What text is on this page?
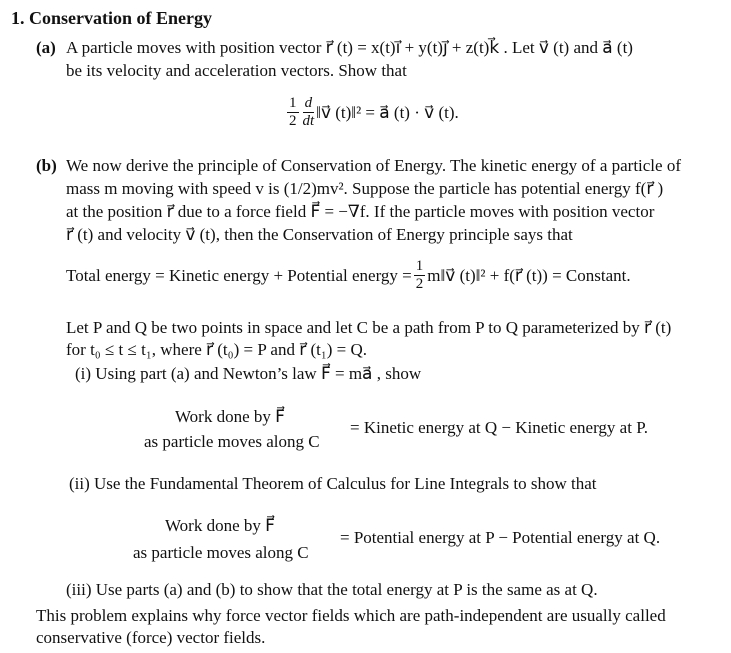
1. Conservation of Energy
(a) A particle moves with position vector r⃗ (t) = x(t)i⃗ + y(t)j⃗ + z(t)k⃗ . Let v⃗ (t) and a⃗ (t)
be its velocity and acceleration vectors. Show that
$\frac{1}{2} \frac{d}{dt}$ ‖v⃗ (t)‖² = a⃗ (t) · v⃗ (t).
(b) We now derive the principle of Conservation of Energy. The kinetic energy of a particle of
mass m moving with speed v is (1/2)mv². Suppose the particle has potential energy f(r⃗ )
at the position r⃗ due to a force field F⃗ = −∇f. If the particle moves with position vector
r⃗ (t) and velocity v⃗ (t), then the Conservation of Energy principle says that
Total energy = Kinetic energy + Potential energy = $\frac{1}{2}$ m‖v⃗ (t)‖² + f(r⃗ (t)) = Constant.
Let P and Q be two points in space and let C be a path from P to Q parameterized by r⃗ (t)
for t₀ ≤ t ≤ t₁, where r⃗ (t₀) = P and r⃗ (t₁) = Q.
(i) Using part (a) and Newton’s law F⃗ = ma⃗ , show
Work done by F⃗
as particle moves along C
= Kinetic energy at Q − Kinetic energy at P.
(ii) Use the Fundamental Theorem of Calculus for Line Integrals to show that
Work done by F⃗
as particle moves along C
= Potential energy at P − Potential energy at Q.
(iii) Use parts (a) and (b) to show that the total energy at P is the same as at Q.
This problem explains why force vector fields which are path-independent are usually called
conservative (force) vector fields.
